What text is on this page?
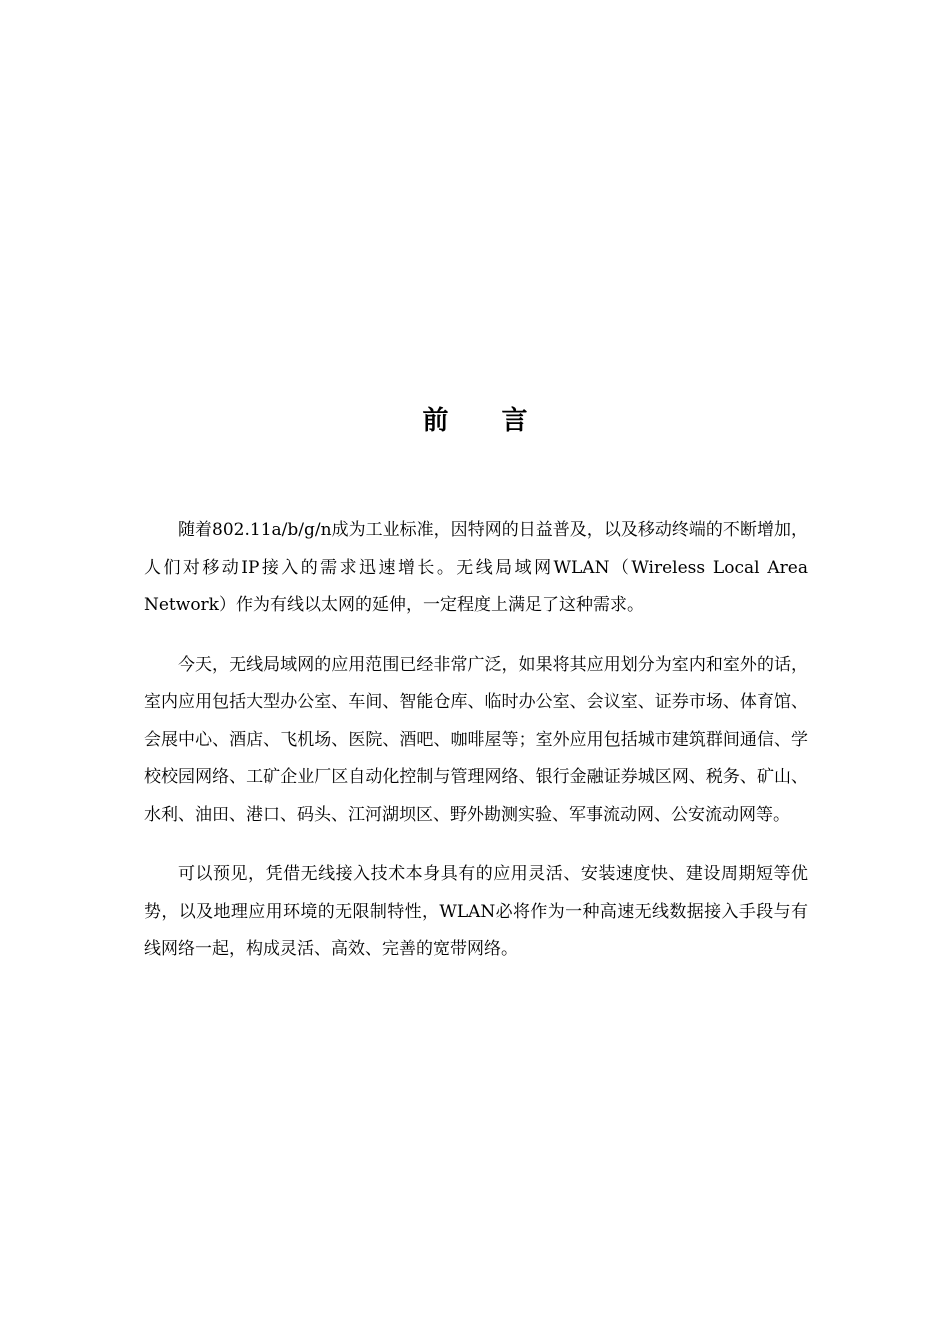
前 言

随着802.11a/b/g/n成为工业标准，因特网的日益普及，以及移动终端的不断增加，人们对移动IP接入的需求迅速增长。无线局域网WLAN（Wireless Local Area Network）作为有线以太网的延伸，一定程度上满足了这种需求。

今天，无线局域网的应用范围已经非常广泛，如果将其应用划分为室内和室外的话，室内应用包括大型办公室、车间、智能仓库、临时办公室、会议室、证券市场、体育馆、会展中心、酒店、飞机场、医院、酒吧、咖啡屋等；室外应用包括城市建筑群间通信、学校校园网络、工矿企业厂区自动化控制与管理网络、银行金融证券城区网、税务、矿山、水利、油田、港口、码头、江河湖坝区、野外勘测实验、军事流动网、公安流动网等。

可以预见，凭借无线接入技术本身具有的应用灵活、安装速度快、建设周期短等优势，以及地理应用环境的无限制特性，WLAN必将作为一种高速无线数据接入手段与有线网络一起，构成灵活、高效、完善的宽带网络。
